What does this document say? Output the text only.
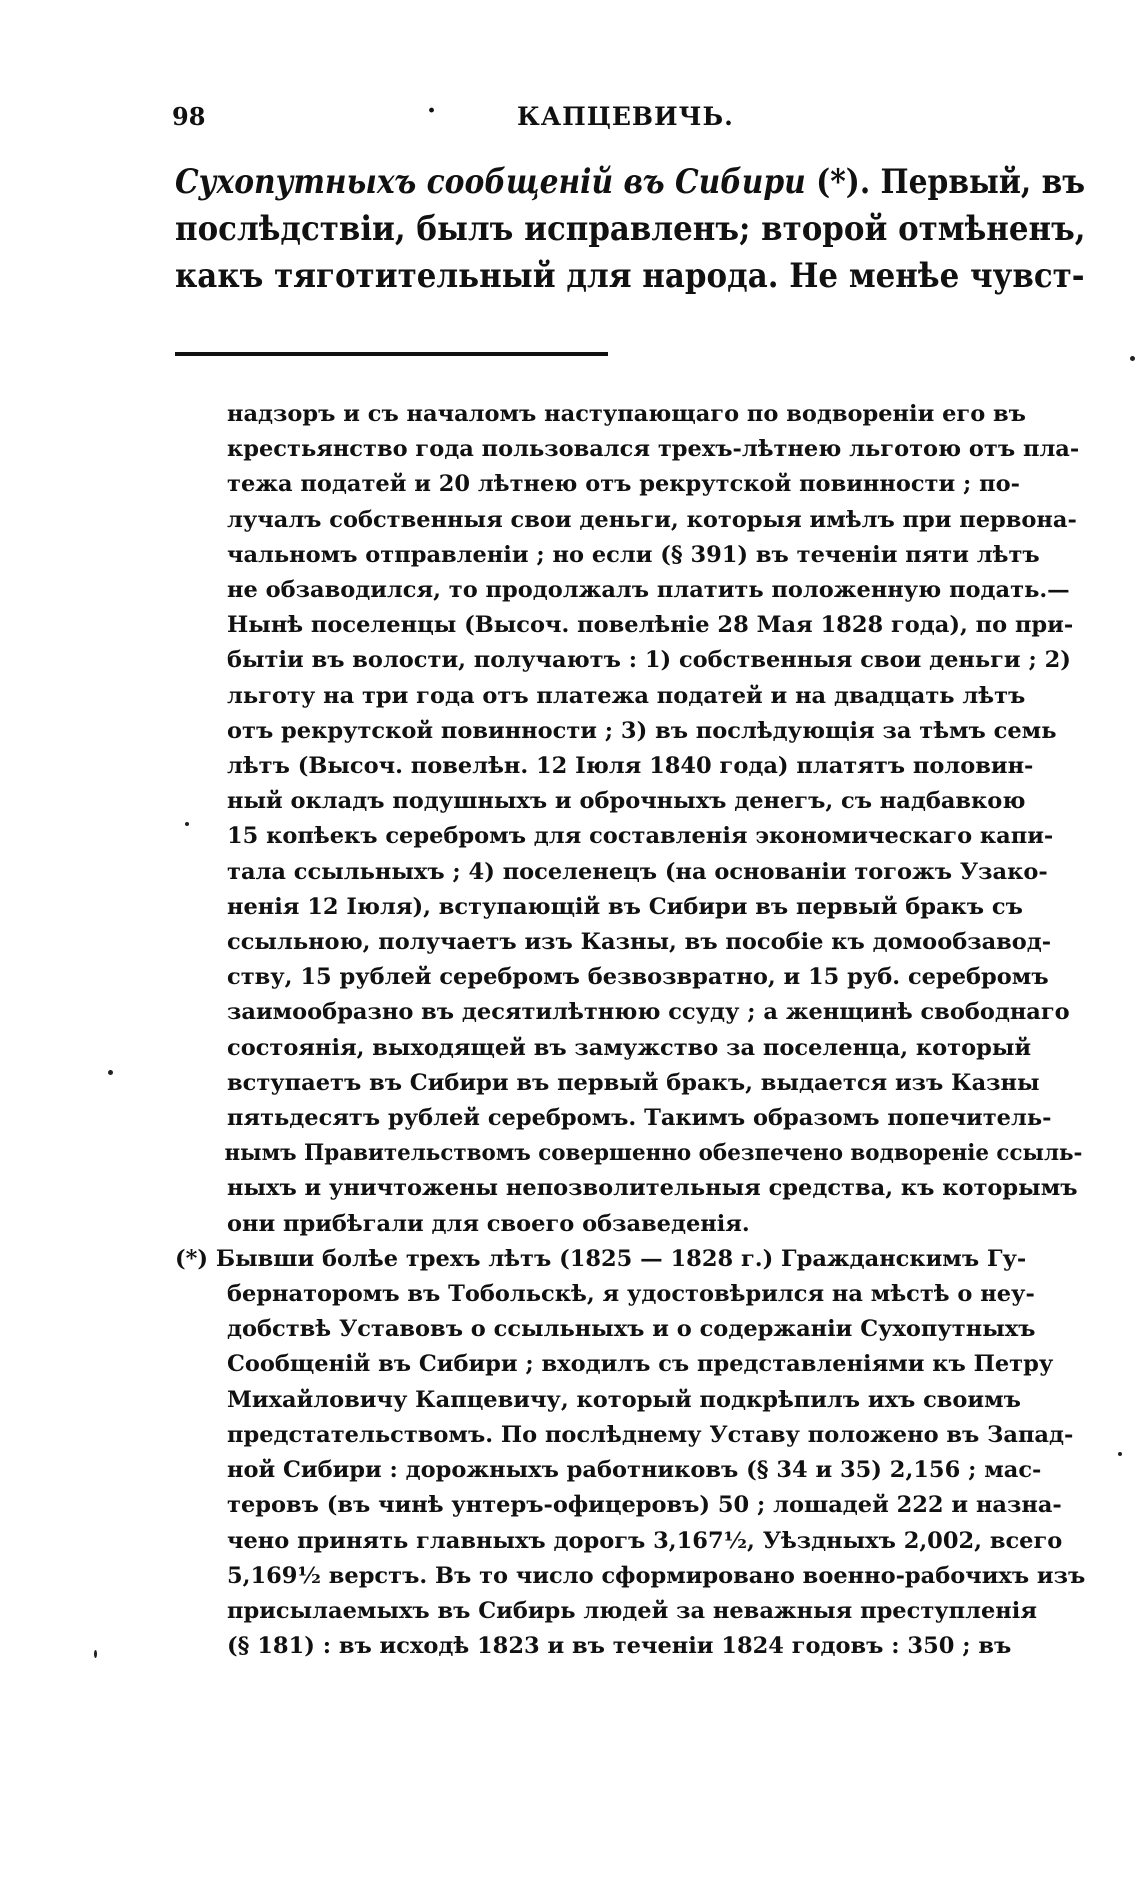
98	·	КАПЦЕВИЧЬ.
Сухопутныхъ сообщеній въ Сибири (*). Первый, въ
послѣдствіи, былъ исправленъ; второй отмѣненъ,
какъ тяготительный для народа. Не менѣе чувст-
надзоръ и съ началомъ наступающаго по водвореніи его въ
крестьянство года пользовался трехъ-лѣтнею льготою отъ пла-
тежа податей и 20 лѣтнею отъ рекрутской повинности ; по-
лучалъ собственныя свои деньги, которыя имѣлъ при первона-
чальномъ отправленіи ; но если (§ 391) въ теченіи пяти лѣтъ
не обзаводился, то продолжалъ платить положенную подать.—
Нынѣ поселенцы (Высоч. повелѣніе 28 Мая 1828 года), по при-
бытіи въ волости, получаютъ : 1) собственныя свои деньги ; 2)
льготу на три года отъ платежа податей и на двадцать лѣтъ
отъ рекрутской повинности ; 3) въ послѣдующія за тѣмъ семь
лѣтъ (Высоч. повелѣн. 12 Іюля 1840 года) платятъ половин-
ный окладъ подушныхъ и оброчныхъ денегъ, съ надбавкою
15 копѣекъ серебромъ для составленія экономическаго капи-
тала ссыльныхъ ; 4) поселенецъ (на основаніи тогожъ Узако-
ненія 12 Іюля), вступающій въ Сибири въ первый бракъ съ
ссыльною, получаетъ изъ Казны, въ пособіе къ домообзавод-
ству, 15 рублей серебромъ безвозвратно, и 15 руб. серебромъ
заимообразно въ десятилѣтнюю ссуду ; а женщинѣ свободнаго
состоянія, выходящей въ замужство за поселенца, который
вступаетъ въ Сибири въ первый бракъ, выдается изъ Казны
пятьдесятъ рублей серебромъ. Такимъ образомъ попечитель-
нымъ Правительствомъ совершенно обезпечено водвореніе ссыль-
ныхъ и уничтожены непозволительныя средства, къ которымъ
они прибѣгали для своего обзаведенія.
(*) Бывши болѣе трехъ лѣтъ (1825 — 1828 г.) Гражданскимъ Гу-
бернаторомъ въ Тобольскѣ, я удостовѣрился на мѣстѣ о неу-
добствѣ Уставовъ о ссыльныхъ и о содержаніи Сухопутныхъ
Сообщеній въ Сибири ; входилъ съ представленіями къ Петру
Михайловичу Капцевичу, который подкрѣпилъ ихъ своимъ
предстательствомъ. По послѣднему Уставу положено въ Запад-
ной Сибири : дорожныхъ работниковъ (§ 34 и 35) 2,156 ; мас-
теровъ (въ чинѣ унтеръ-офицеровъ) 50 ; лошадей 222 и назна-
чено принять главныхъ дорогъ 3,167½, Уѣздныхъ 2,002, всего
5,169½ верстъ. Въ то число сформировано военно-рабочихъ изъ
присылаемыхъ въ Сибирь людей за неважныя преступленія
(§ 181) : въ исходѣ 1823 и въ теченіи 1824 годовъ : 350 ; въ
